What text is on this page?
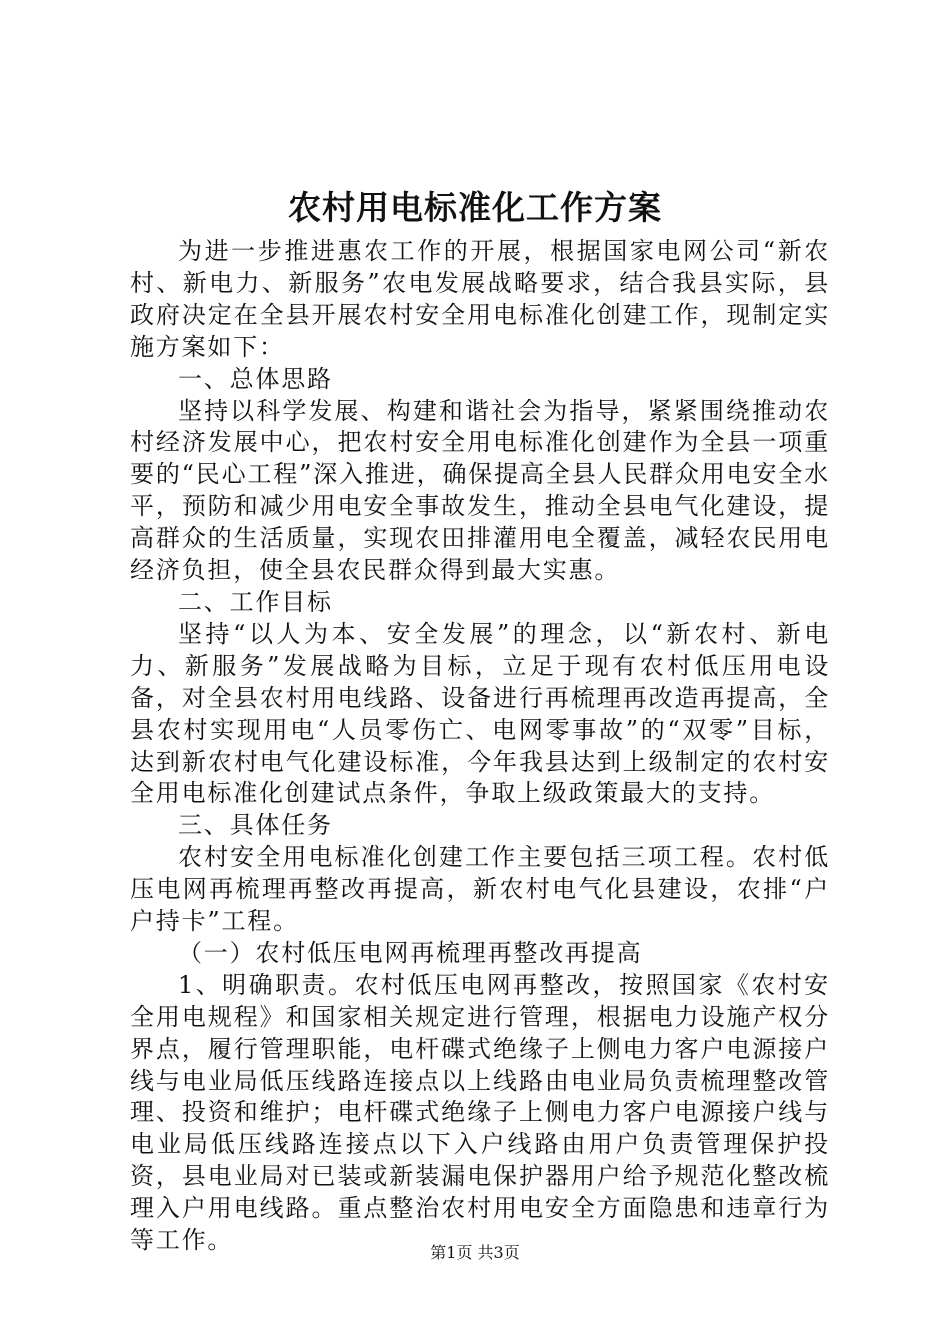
农村用电标准化工作方案

为进一步推进惠农工作的开展，根据国家电网公司“新农村、新电力、新服务”农电发展战略要求，结合我县实际，县政府决定在全县开展农村安全用电标准化创建工作，现制定实施方案如下：

一、总体思路

坚持以科学发展、构建和谐社会为指导，紧紧围绕推动农村经济发展中心，把农村安全用电标准化创建作为全县一项重要的“民心工程”深入推进，确保提高全县人民群众用电安全水平，预防和减少用电安全事故发生，推动全县电气化建设，提高群众的生活质量，实现农田排灌用电全覆盖，减轻农民用电经济负担，使全县农民群众得到最大实惠。

二、工作目标

坚持“以人为本、安全发展”的理念，以“新农村、新电力、新服务”发展战略为目标，立足于现有农村低压用电设备，对全县农村用电线路、设备进行再梳理再改造再提高，全县农村实现用电“人员零伤亡、电网零事故”的“双零”目标，达到新农村电气化建设标准，今年我县达到上级制定的农村安全用电标准化创建试点条件，争取上级政策最大的支持。

三、具体任务

农村安全用电标准化创建工作主要包括三项工程。农村低压电网再梳理再整改再提高，新农村电气化县建设，农排“户户持卡”工程。

（一）农村低压电网再梳理再整改再提高

1、明确职责。农村低压电网再整改，按照国家《农村安全用电规程》和国家相关规定进行管理，根据电力设施产权分界点，履行管理职能，电杆碟式绝缘子上侧电力客户电源接户线与电业局低压线路连接点以上线路由电业局负责梳理整改管理、投资和维护；电杆碟式绝缘子上侧电力客户电源接户线与电业局低压线路连接点以下入户线路由用户负责管理保护投资，县电业局对已装或新装漏电保护器用户给予规范化整改梳理入户用电线路。重点整治农村用电安全方面隐患和违章行为等工作。	第1页 共3页
